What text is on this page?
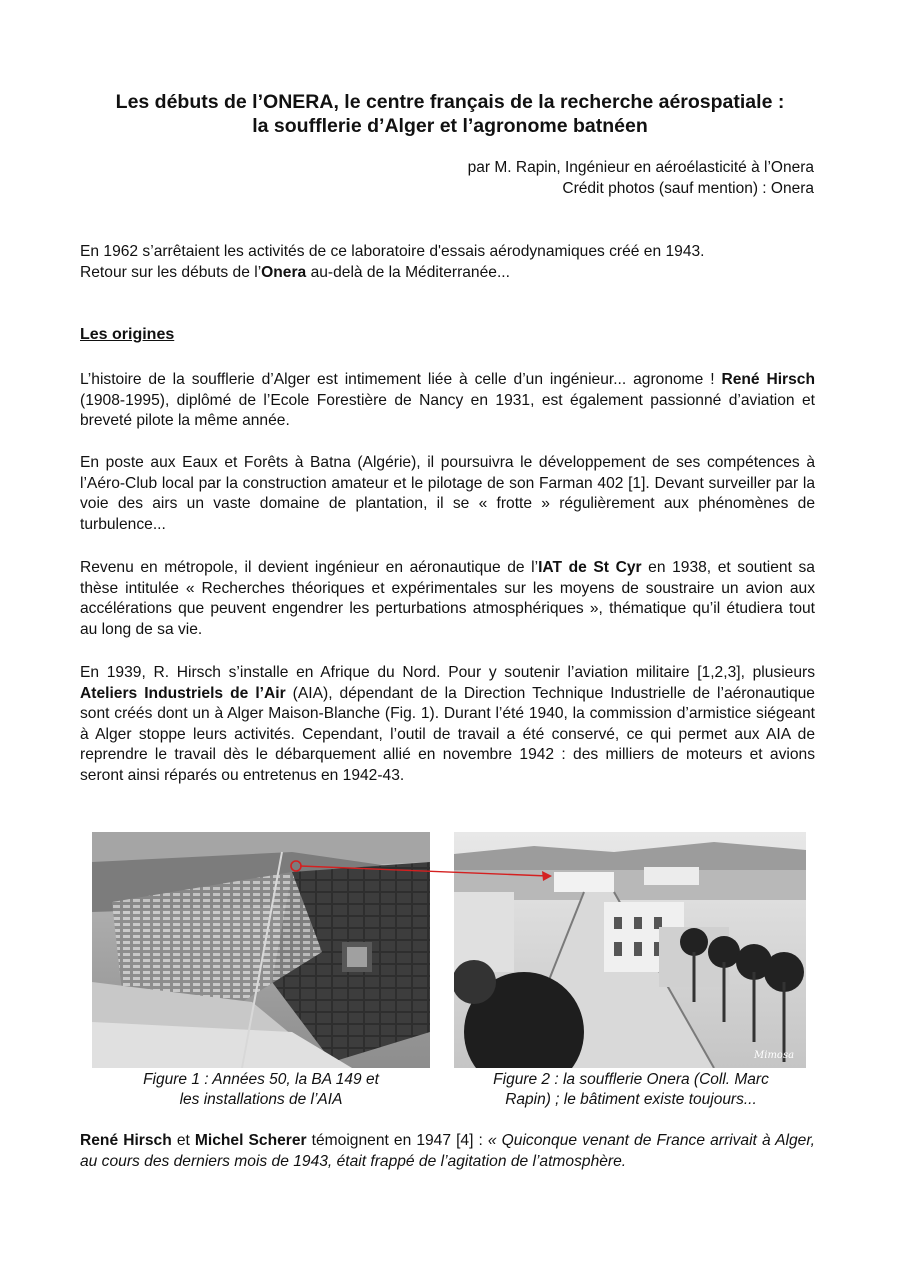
Les débuts de l’ONERA, le centre français de la recherche aérospatiale :
la soufflerie d’Alger et l’agronome batnéen
par M. Rapin, Ingénieur en aéroélasticité à l’Onera
Crédit photos (sauf mention) : Onera
En 1962 s’arrêtaient les activités de ce laboratoire d'essais aérodynamiques créé en 1943.
Retour sur les débuts de l’Onera au-delà de la Méditerranée...
Les origines
L’histoire de la soufflerie d’Alger est intimement liée à celle d’un ingénieur... agronome ! René Hirsch (1908-1995), diplômé de l’Ecole Forestière de Nancy en 1931, est également passionné d’aviation et breveté pilote la même année.
En poste aux Eaux et Forêts à Batna (Algérie), il poursuivra le développement de ses compétences à l’Aéro-Club local par la construction amateur et le pilotage de son Farman 402 [1]. Devant surveiller par la voie des airs un vaste domaine de plantation, il se « frotte » régulièrement aux phénomènes de turbulence...
Revenu en métropole, il devient ingénieur en aéronautique de l’IAT de St Cyr en 1938, et soutient sa thèse intitulée « Recherches théoriques et expérimentales sur les moyens de soustraire un avion aux accélérations que peuvent engendrer les perturbations atmosphériques », thématique qu’il étudiera tout au long de sa vie.
En 1939, R. Hirsch s’installe en Afrique du Nord. Pour y soutenir l’aviation militaire [1,2,3], plusieurs Ateliers Industriels de l’Air (AIA), dépendant de la Direction Technique Industrielle de l’aéronautique sont créés dont un à Alger Maison-Blanche (Fig. 1). Durant l’été 1940, la commission d’armistice siégeant à Alger stoppe leurs activités. Cependant, l’outil de travail a été conservé, ce qui permet aux AIA de reprendre le travail dès le débarquement allié en novembre 1942 : des milliers de moteurs et avions seront ainsi réparés ou entretenus en 1942-43.
Mimosa
Figure 1 : Années 50, la BA 149 et
les installations de l’AIA
Figure 2 : la soufflerie Onera (Coll. Marc
Rapin) ; le bâtiment existe toujours...
René Hirsch et Michel Scherer témoignent en 1947 [4] : « Quiconque venant de France arrivait à Alger, au cours des derniers mois de 1943, était frappé de l’agitation de l’atmosphère.
